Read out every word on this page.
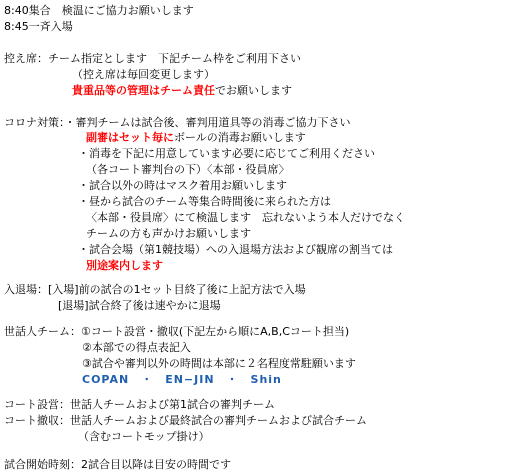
8:40集合　検温にご協力お願いします

8:45一斉入場

控え席：チーム指定とします　下記チーム枠をご利用下さい

（控え席は毎回変更します）

貴重品等の管理はチーム責任でお願いします

コロナ対策：・審判チームは試合後、審判用道具等の消毒ご協力下さい

副審はセット毎にボールの消毒お願いします

・消毒を下記に用意しています必要に応じてご利用ください

（各コート審判台の下）〈本部・役員席〉

・試合以外の時はマスク着用お願いします

・昼から試合のチーム等集合時間後に来られた方は

〈本部・役員席〉にて検温します　忘れないよう本人だけでなく

チームの方も声かけお願いします

・試合会場（第1競技場）への入退場方法および観席の割当ては

別途案内します

入退場：[入場]前の試合の1セット目終了後に上記方法で入場

[退場]試合終了後は速やかに退場

世話人チーム：①コート設営・撤収(下記左から順にA,B,Cコート担当)

②本部での得点表記入

③試合や審判以外の時間は本部に２名程度常駐願います

COPAN　・　EN−JIN　・　Shin

コート設営：世話人チームおよび第1試合の審判チーム

コート撤収：世話人チームおよび最終試合の審判チームおよび試合チーム

（含むコートモップ掛け）

試合開始時刻：2試合目以降は目安の時間です
